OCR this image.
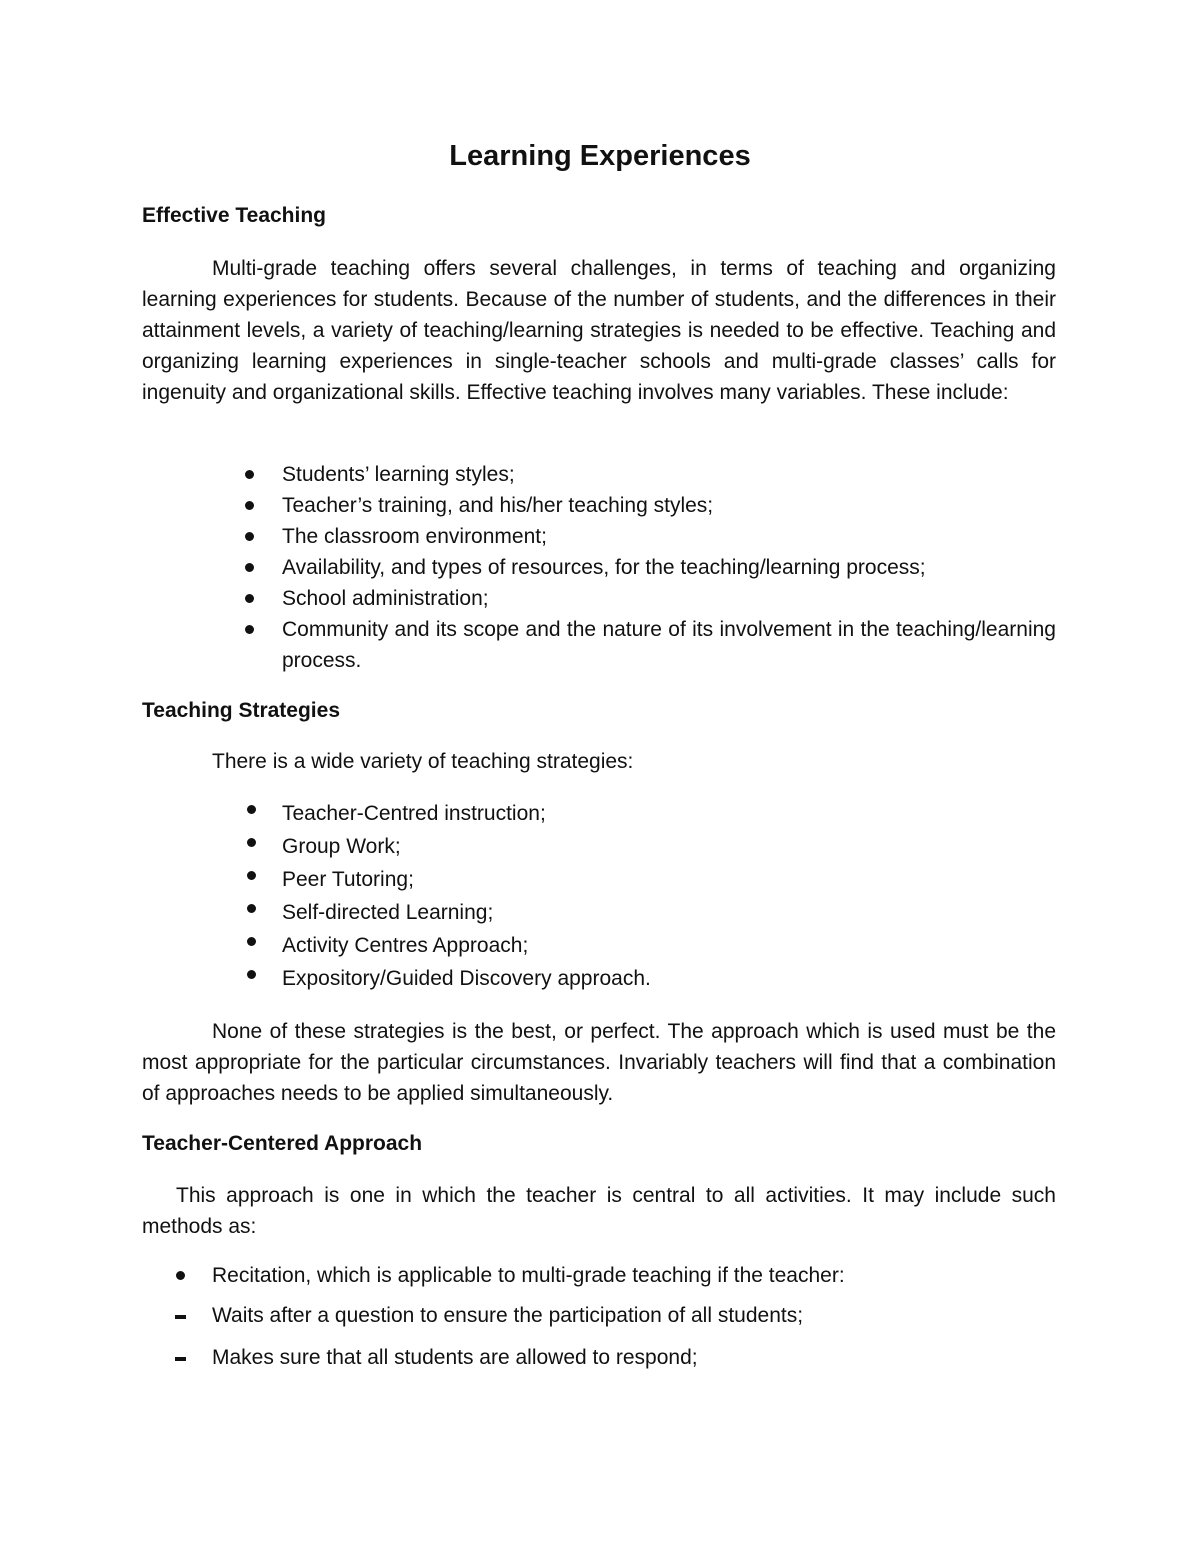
Learning Experiences
Effective Teaching

Multi-grade teaching offers several challenges, in terms of teaching and organizing learning experiences for students. Because of the number of students, and the differences in their attainment levels, a variety of teaching/learning strategies is needed to be effective. Teaching and organizing learning experiences in single-teacher schools and multi-grade classes’ calls for ingenuity and organizational skills. Effective teaching involves many variables. These include:

Students’ learning styles;
Teacher’s training, and his/her teaching styles;
The classroom environment;
Availability, and types of resources, for the teaching/learning process;
School administration;
Community and its scope and the nature of its involvement in the teaching/learning process.
Teaching Strategies

There is a wide variety of teaching strategies:

Teacher-Centred instruction;
Group Work;
Peer Tutoring;
Self-directed Learning;
Activity Centres Approach;
Expository/Guided Discovery approach.

None of these strategies is the best, or perfect. The approach which is used must be the most appropriate for the particular circumstances. Invariably teachers will find that a combination of approaches needs to be applied simultaneously.

Teacher-Centered Approach

This approach is one in which the teacher is central to all activities. It may include such methods as:

Recitation, which is applicable to multi-grade teaching if the teacher:
Waits after a question to ensure the participation of all students;
Makes sure that all students are allowed to respond;
